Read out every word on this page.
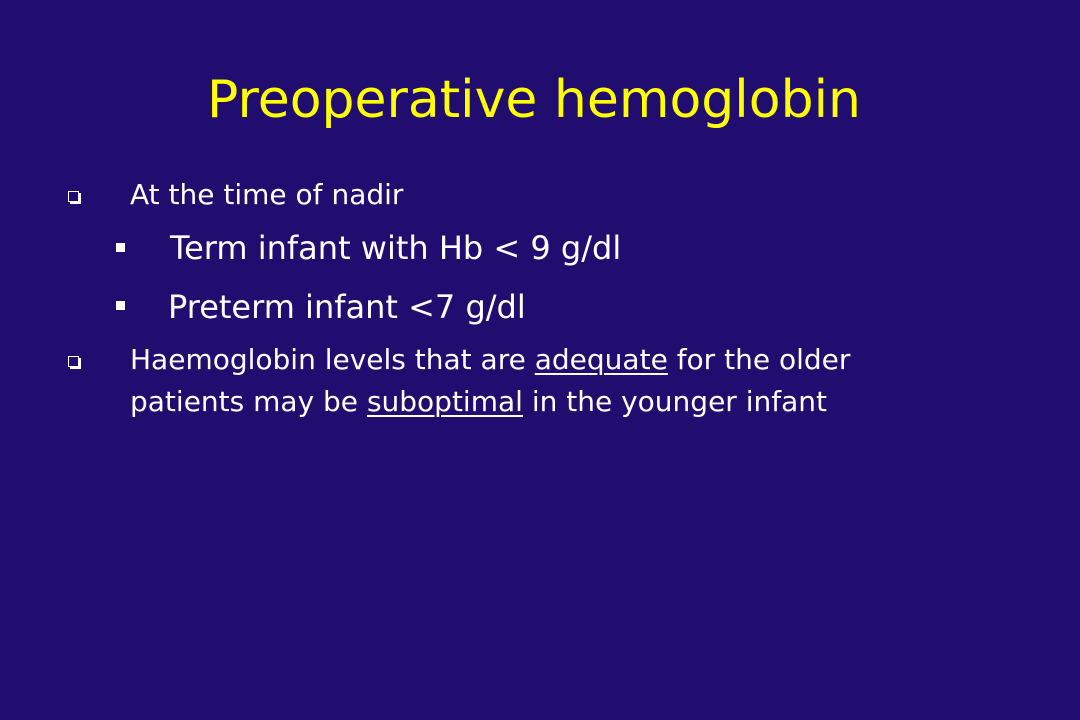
Preoperative hemoglobin
At the time of nadir
Term infant with Hb < 9 g/dl
Preterm infant <7 g/dl
Haemoglobin levels that are adequate for the older
patients may be suboptimal in the younger infant
